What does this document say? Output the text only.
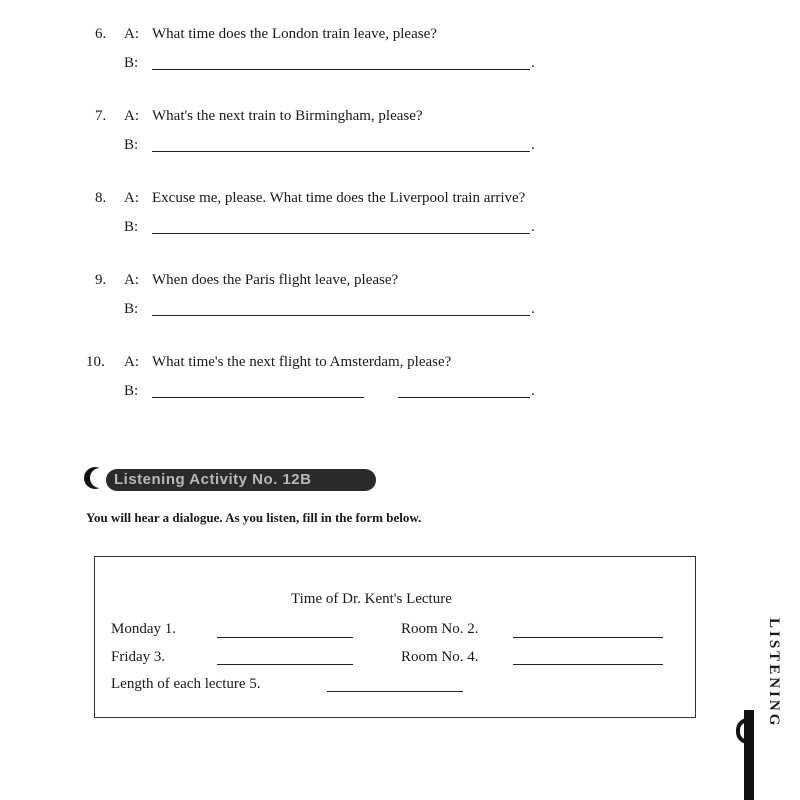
6. A: What time does the London train leave, please?
B:	.
7. A: What's the next train to Birmingham, please?
B:	.
8. A: Excuse me, please. What time does the Liverpool train arrive?
B:	.
9. A: When does the Paris flight leave, please?
B:	.
10. A: What time's the next flight to Amsterdam, please?
B:	.
Listening Activity No. 12B
You will hear a dialogue. As you listen, fill in the form below.
Time of Dr. Kent's Lecture
Monday 1.	Room No. 2.
Friday 3.	Room No. 4.
Length of each lecture 5.	LISTENING
